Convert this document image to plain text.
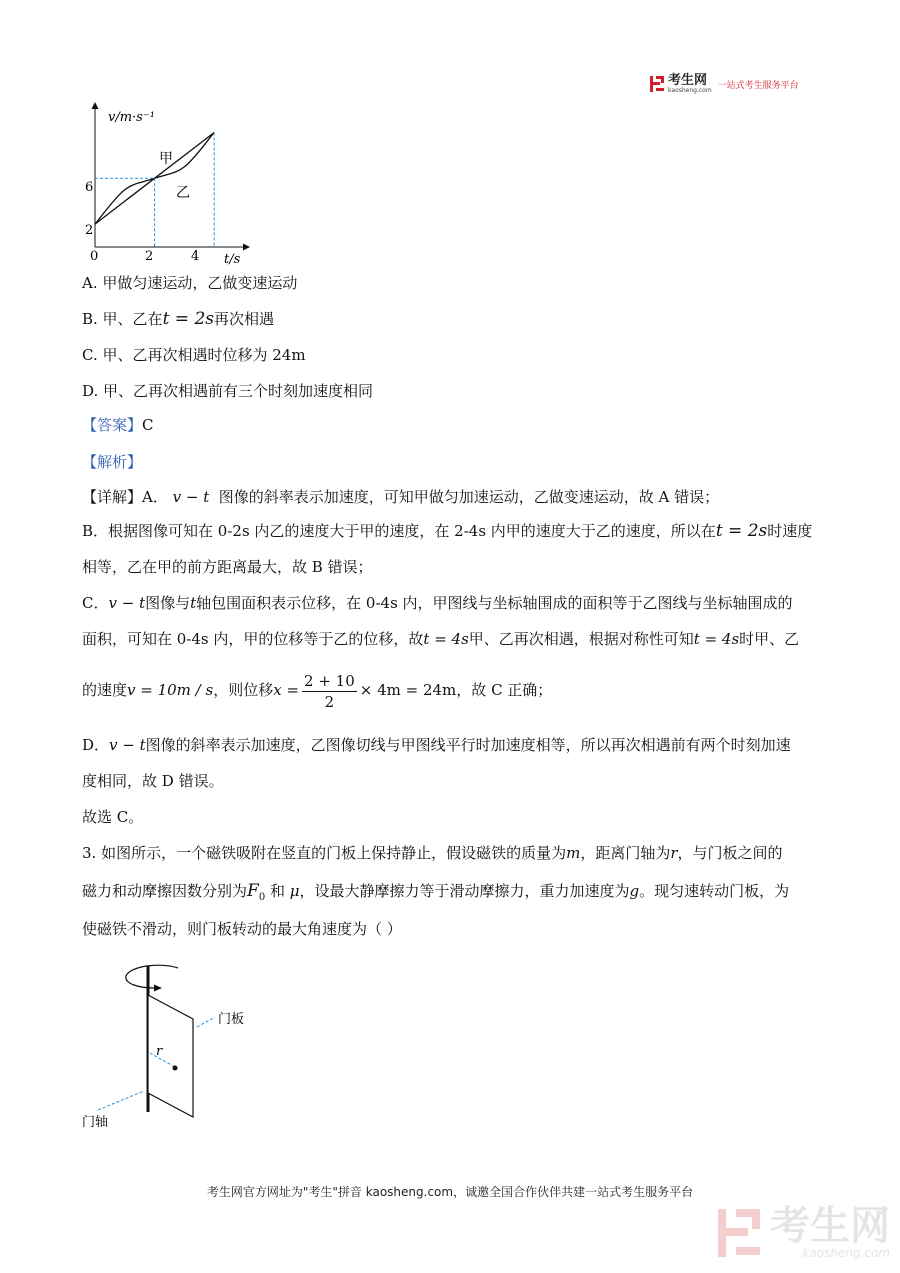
考生网
kaosheng.com 一站式考生服务平台
v/m·s⁻¹
t/s
0
6
2
2	4
甲
乙
A. 甲做匀速运动，乙做变速运动
B. 甲、乙在t = 2s再次相遇
C. 甲、乙再次相遇时位移为 24m
D. 甲、乙再次相遇前有三个时刻加速度相同
【答案】C
【解析】
【详解】A． v − t 图像的斜率表示加速度，可知甲做匀加速运动，乙做变速运动，故 A 错误；
B．根据图像可知在 0-2s 内乙的速度大于甲的速度，在 2-4s 内甲的速度大于乙的速度，所以在t = 2s时速度
相等，乙在甲的前方距离最大，故 B 错误；
C．v − t图像与t轴包围面积表示位移，在 0-4s 内，甲图线与坐标轴围成的面积等于乙图线与坐标轴围成的
面积，可知在 0-4s 内，甲的位移等于乙的位移，故t = 4s甲、乙再次相遇，根据对称性可知t = 4s时甲、乙
的速度v = 10m / s，则位移$x = \frac{2 + 10}{2} \times 4m = 24m$，故 C 正确；
D．v − t图像的斜率表示加速度，乙图像切线与甲图线平行时加速度相等，所以再次相遇前有两个时刻加速
度相同，故 D 错误。
故选 C。
3. 如图所示，一个磁铁吸附在竖直的门板上保持静止，假设磁铁的质量为m，距离门轴为r，与门板之间的
磁力和动摩擦因数分别为$F_0$ 和 μ，设最大静摩擦力等于滑动摩擦力，重力加速度为g。现匀速转动门板，为
使磁铁不滑动，则门板转动的最大角速度为（ ）
门板
r
门轴
考生网官方网址为"考生"拼音 kaosheng.com，诚邀全国合作伙伴共建一站式考生服务平台
考生网
kaosheng.com
